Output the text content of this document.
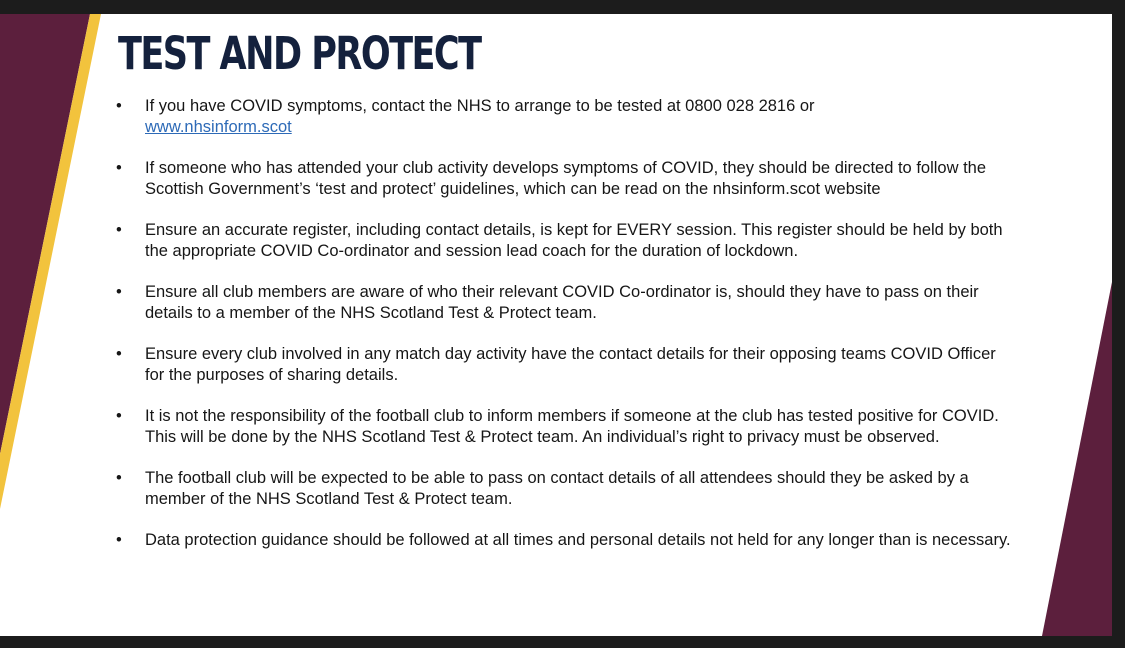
TEST AND PROTECT
• If you have COVID symptoms, contact the NHS to arrange to be tested at 0800 028 2816 or
www.nhsinform.scot
• If someone who has attended your club activity develops symptoms of COVID, they should be directed to follow the Scottish Government’s ‘test and protect’ guidelines, which can be read on the nhsinform.scot website
• Ensure an accurate register, including contact details, is kept for EVERY session. This register should be held by both the appropriate COVID Co-ordinator and session lead coach for the duration of lockdown.
• Ensure all club members are aware of who their relevant COVID Co-ordinator is, should they have to pass on their details to a member of the NHS Scotland Test & Protect team.
• Ensure every club involved in any match day activity have the contact details for their opposing teams COVID Officer for the purposes of sharing details.
• It is not the responsibility of the football club to inform members if someone at the club has tested positive for COVID. This will be done by the NHS Scotland Test & Protect team. An individual’s right to privacy must be observed.
• The football club will be expected to be able to pass on contact details of all attendees should they be asked by a member of the NHS Scotland Test & Protect team.
• Data protection guidance should be followed at all times and personal details not held for any longer than is necessary.
